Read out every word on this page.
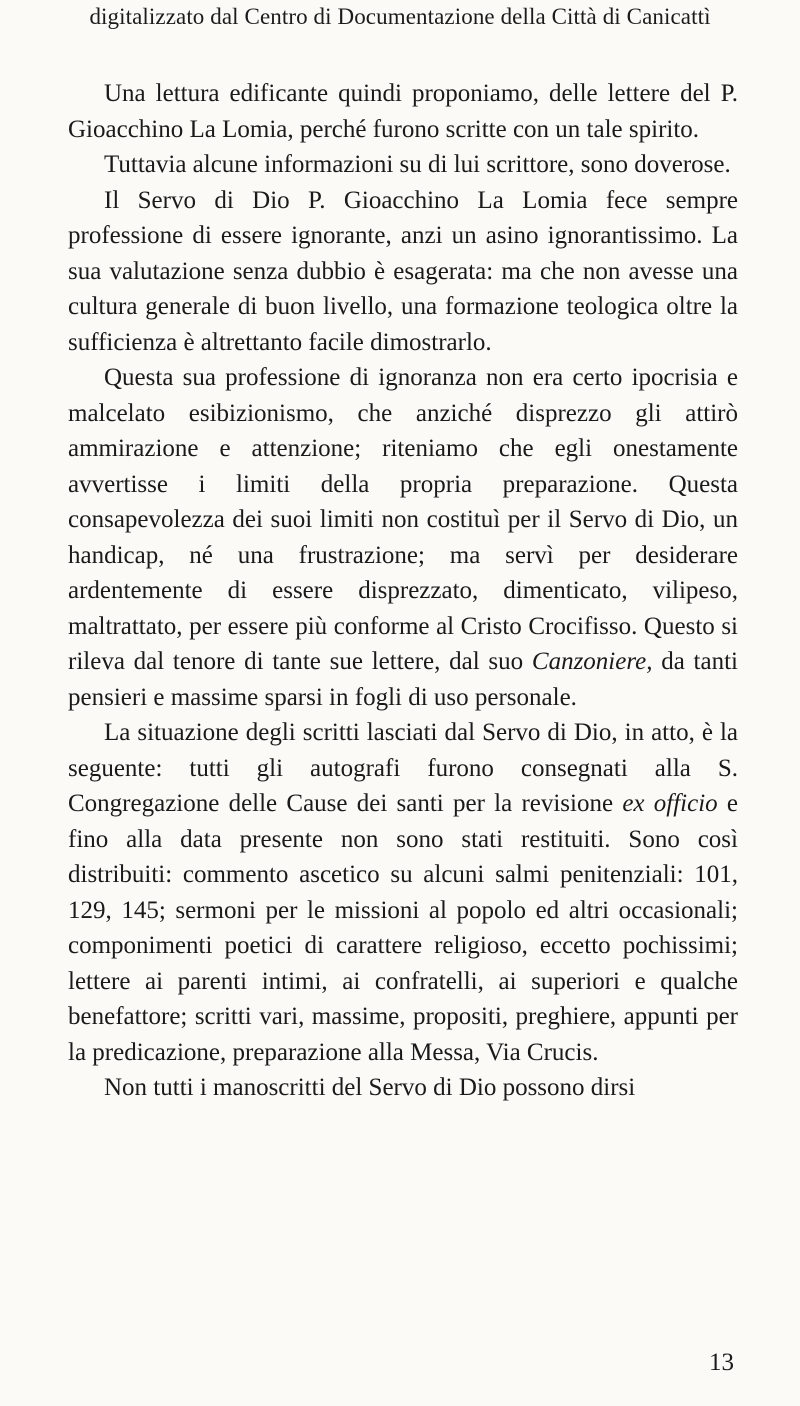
digitalizzato dal Centro di Documentazione della Città di Canicattì

Una lettura edificante quindi proponiamo, delle lettere del P. Gioacchino La Lomia, perché furono scritte con un tale spirito.

Tuttavia alcune informazioni su di lui scrittore, sono doverose.

Il Servo di Dio P. Gioacchino La Lomia fece sempre professione di essere ignorante, anzi un asino ignorantissimo. La sua valutazione senza dubbio è esagerata: ma che non avesse una cultura generale di buon livello, una formazione teologica oltre la sufficienza è altrettanto facile dimostrarlo.

Questa sua professione di ignoranza non era certo ipocrisia e malcelato esibizionismo, che anziché disprezzo gli attirò ammirazione e attenzione; riteniamo che egli onestamente avvertisse i limiti della propria preparazione. Questa consapevolezza dei suoi limiti non costituì per il Servo di Dio, un handicap, né una frustrazione; ma servì per desiderare ardentemente di essere disprezzato, dimenticato, vilipeso, maltrattato, per essere più conforme al Cristo Crocifisso. Questo si rileva dal tenore di tante sue lettere, dal suo Canzoniere, da tanti pensieri e massime sparsi in fogli di uso personale.

La situazione degli scritti lasciati dal Servo di Dio, in atto, è la seguente: tutti gli autografi furono consegnati alla S. Congregazione delle Cause dei santi per la revisione ex officio e fino alla data presente non sono stati restituiti. Sono così distribuiti: commento ascetico su alcuni salmi penitenziali: 101, 129, 145; sermoni per le missioni al popolo ed altri occasionali; componimenti poetici di carattere religioso, eccetto pochissimi; lettere ai parenti intimi, ai confratelli, ai superiori e qualche benefattore; scritti vari, massime, propositi, preghiere, appunti per la predicazione, preparazione alla Messa, Via Crucis.

Non tutti i manoscritti del Servo di Dio possono dirsi

13
